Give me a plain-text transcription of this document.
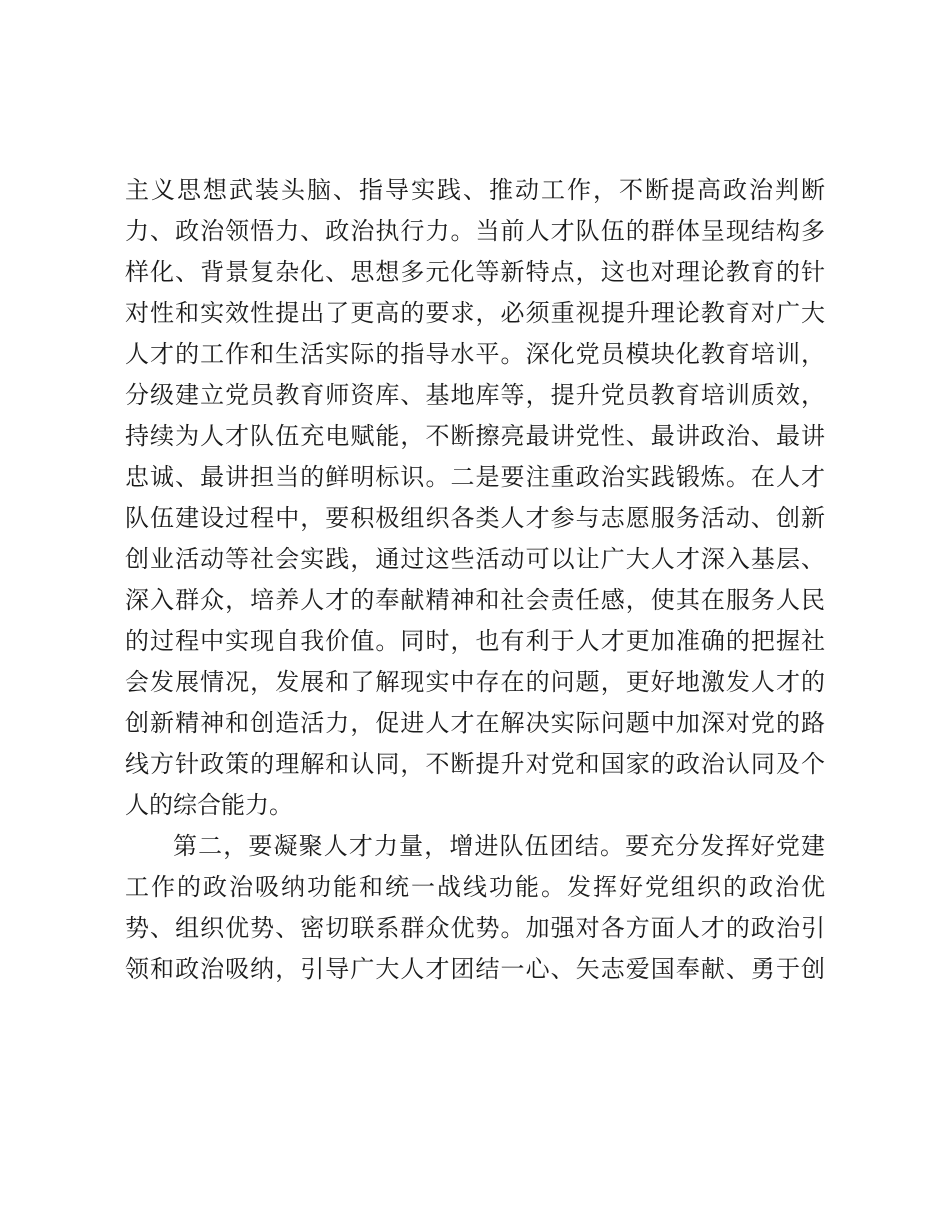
主义思想武装头脑、指导实践、推动工作，不断提高政治判断
力、政治领悟力、政治执行力。当前人才队伍的群体呈现结构多
样化、背景复杂化、思想多元化等新特点，这也对理论教育的针
对性和实效性提出了更高的要求，必须重视提升理论教育对广大
人才的工作和生活实际的指导水平。深化党员模块化教育培训，
分级建立党员教育师资库、基地库等，提升党员教育培训质效，
持续为人才队伍充电赋能，不断擦亮最讲党性、最讲政治、最讲
忠诚、最讲担当的鲜明标识。二是要注重政治实践锻炼。在人才
队伍建设过程中，要积极组织各类人才参与志愿服务活动、创新
创业活动等社会实践，通过这些活动可以让广大人才深入基层、
深入群众，培养人才的奉献精神和社会责任感，使其在服务人民
的过程中实现自我价值。同时，也有利于人才更加准确的把握社
会发展情况，发展和了解现实中存在的问题，更好地激发人才的
创新精神和创造活力，促进人才在解决实际问题中加深对党的路
线方针政策的理解和认同，不断提升对党和国家的政治认同及个
人的综合能力。
第二，要凝聚人才力量，增进队伍团结。要充分发挥好党建
工作的政治吸纳功能和统一战线功能。发挥好党组织的政治优
势、组织优势、密切联系群众优势。加强对各方面人才的政治引
领和政治吸纳，引导广大人才团结一心、矢志爱国奉献、勇于创
